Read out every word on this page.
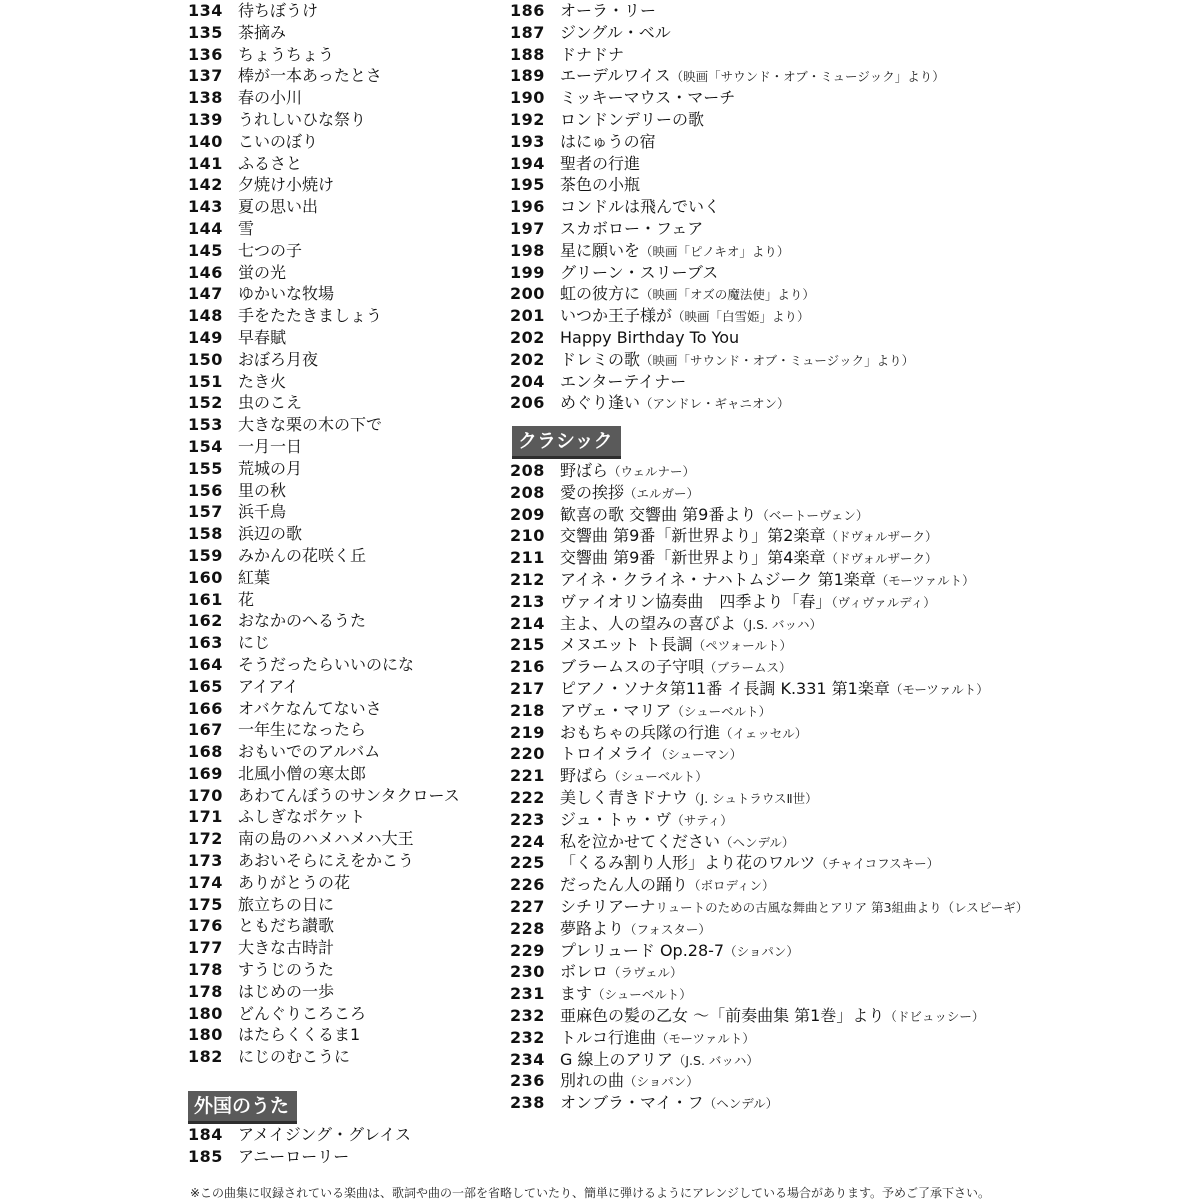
134 待ちぼうけ
135 茶摘み
136 ちょうちょう
137 棒が一本あったとさ
138 春の小川
139 うれしいひな祭り
140 こいのぼり
141 ふるさと
142 夕焼け小焼け
143 夏の思い出
144 雪
145 七つの子
146 蛍の光
147 ゆかいな牧場
148 手をたたきましょう
149 早春賦
150 おぼろ月夜
151 たき火
152 虫のこえ
153 大きな栗の木の下で
154 一月一日
155 荒城の月
156 里の秋
157 浜千鳥
158 浜辺の歌
159 みかんの花咲く丘
160 紅葉
161 花
162 おなかのへるうた
163 にじ
164 そうだったらいいのにな
165 アイアイ
166 オバケなんてないさ
167 一年生になったら
168 おもいでのアルバム
169 北風小僧の寒太郎
170 あわてんぼうのサンタクロース
171 ふしぎなポケット
172 南の島のハメハメハ大王
173 あおいそらにえをかこう
174 ありがとうの花
175 旅立ちの日に
176 ともだち讃歌
177 大きな古時計
178 すうじのうた
178 はじめの一歩
180 どんぐりころころ
180 はたらくくるま1
182 にじのむこうに
外国のうた
184 アメイジング・グレイス
185 アニーローリー
186 オーラ・リー
187 ジングル・ベル
188 ドナドナ
189 エーデルワイス（映画「サウンド・オブ・ミュージック」より）
190 ミッキーマウス・マーチ
192 ロンドンデリーの歌
193 はにゅうの宿
194 聖者の行進
195 茶色の小瓶
196 コンドルは飛んでいく
197 スカボロー・フェア
198 星に願いを（映画「ピノキオ」より）
199 グリーン・スリーブス
200 虹の彼方に（映画「オズの魔法使」より）
201 いつか王子様が（映画「白雪姫」より）
202 Happy Birthday To You
202 ドレミの歌（映画「サウンド・オブ・ミュージック」より）
204 エンターテイナー
206 めぐり逢い（アンドレ・ギャニオン）
クラシック
208 野ばら（ウェルナー）
208 愛の挨拶（エルガー）
209 歓喜の歌 交響曲 第9番より（ベートーヴェン）
210 交響曲 第9番「新世界より」第2楽章（ドヴォルザーク）
211 交響曲 第9番「新世界より」第4楽章（ドヴォルザーク）
212 アイネ・クライネ・ナハトムジーク 第1楽章（モーツァルト）
213 ヴァイオリン協奏曲　四季より「春」（ヴィヴァルディ）
214 主よ、人の望みの喜びよ（J.S. バッハ）
215 メヌエット ト長調（ペツォールト）
216 ブラームスの子守唄（ブラームス）
217 ピアノ・ソナタ第11番 イ長調 K.331 第1楽章（モーツァルト）
218 アヴェ・マリア（シューベルト）
219 おもちゃの兵隊の行進（イェッセル）
220 トロイメライ（シューマン）
221 野ばら（シューベルト）
222 美しく青きドナウ（J. シュトラウスⅡ世）
223 ジュ・トゥ・ヴ（サティ）
224 私を泣かせてください（ヘンデル）
225 「くるみ割り人形」より花のワルツ（チャイコフスキー）
226 だったん人の踊り（ボロディン）
227 シチリアーナリュートのための古風な舞曲とアリア 第3組曲より（レスピーギ）
228 夢路より（フォスター）
229 プレリュード Op.28-7（ショパン）
230 ボレロ（ラヴェル）
231 ます（シューベルト）
232 亜麻色の髪の乙女 ～「前奏曲集 第1巻」より（ドビュッシー）
232 トルコ行進曲（モーツァルト）
234 G 線上のアリア（J.S. バッハ）
236 別れの曲（ショパン）
238 オンブラ・マイ・フ（ヘンデル）
※この曲集に収録されている楽曲は、歌詞や曲の一部を省略していたり、簡単に弾けるようにアレンジしている場合があります。予めご了承下さい。
